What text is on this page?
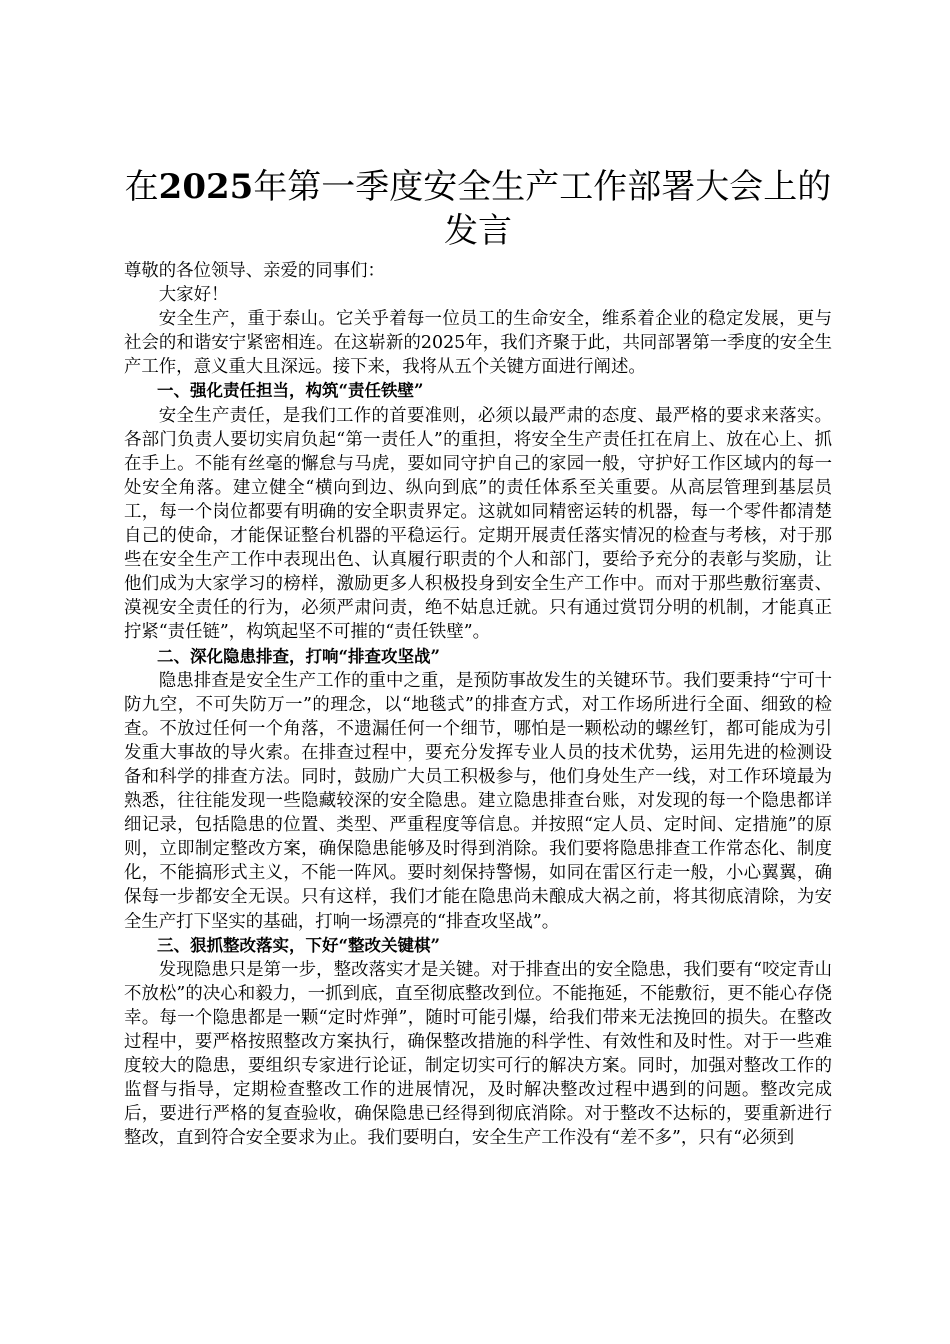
在2025年第一季度安全生产工作部署大会上的发言

尊敬的各位领导、亲爱的同事们：

大家好！

安全生产，重于泰山。它关乎着每一位员工的生命安全，维系着企业的稳定发展，更与社会的和谐安宁紧密相连。在这崭新的2025年，我们齐聚于此，共同部署第一季度的安全生产工作，意义重大且深远。接下来，我将从五个关键方面进行阐述。

一、强化责任担当，构筑“责任铁壁”

安全生产责任，是我们工作的首要准则，必须以最严肃的态度、最严格的要求来落实。各部门负责人要切实肩负起“第一责任人”的重担，将安全生产责任扛在肩上、放在心上、抓在手上。不能有丝毫的懈怠与马虎，要如同守护自己的家园一般，守护好工作区域内的每一处安全角落。建立健全“横向到边、纵向到底”的责任体系至关重要。从高层管理到基层员工，每一个岗位都要有明确的安全职责界定。这就如同精密运转的机器，每一个零件都清楚自己的使命，才能保证整台机器的平稳运行。定期开展责任落实情况的检查与考核，对于那些在安全生产工作中表现出色、认真履行职责的个人和部门，要给予充分的表彰与奖励，让他们成为大家学习的榜样，激励更多人积极投身到安全生产工作中。而对于那些敷衍塞责、漠视安全责任的行为，必须严肃问责，绝不姑息迁就。只有通过赏罚分明的机制，才能真正拧紧“责任链”，构筑起坚不可摧的“责任铁壁”。

二、深化隐患排查，打响“排查攻坚战”

隐患排查是安全生产工作的重中之重，是预防事故发生的关键环节。我们要秉持“宁可十防九空，不可失防万一”的理念，以“地毯式”的排查方式，对工作场所进行全面、细致的检查。不放过任何一个角落，不遗漏任何一个细节，哪怕是一颗松动的螺丝钉，都可能成为引发重大事故的导火索。在排查过程中，要充分发挥专业人员的技术优势，运用先进的检测设备和科学的排查方法。同时，鼓励广大员工积极参与，他们身处生产一线，对工作环境最为熟悉，往往能发现一些隐藏较深的安全隐患。建立隐患排查台账，对发现的每一个隐患都详细记录，包括隐患的位置、类型、严重程度等信息。并按照“定人员、定时间、定措施”的原则，立即制定整改方案，确保隐患能够及时得到消除。我们要将隐患排查工作常态化、制度化，不能搞形式主义，不能一阵风。要时刻保持警惕，如同在雷区行走一般，小心翼翼，确保每一步都安全无误。只有这样，我们才能在隐患尚未酿成大祸之前，将其彻底清除，为安全生产打下坚实的基础，打响一场漂亮的“排查攻坚战”。

三、狠抓整改落实，下好“整改关键棋”

发现隐患只是第一步，整改落实才是关键。对于排查出的安全隐患，我们要有“咬定青山不放松”的决心和毅力，一抓到底，直至彻底整改到位。不能拖延，不能敷衍，更不能心存侥幸。每一个隐患都是一颗“定时炸弹”，随时可能引爆，给我们带来无法挽回的损失。在整改过程中，要严格按照整改方案执行，确保整改措施的科学性、有效性和及时性。对于一些难度较大的隐患，要组织专家进行论证，制定切实可行的解决方案。同时，加强对整改工作的监督与指导，定期检查整改工作的进展情况，及时解决整改过程中遇到的问题。整改完成后，要进行严格的复查验收，确保隐患已经得到彻底消除。对于整改不达标的，要重新进行整改，直到符合安全要求为止。我们要明白，安全生产工作没有“差不多”，只有“必须到
